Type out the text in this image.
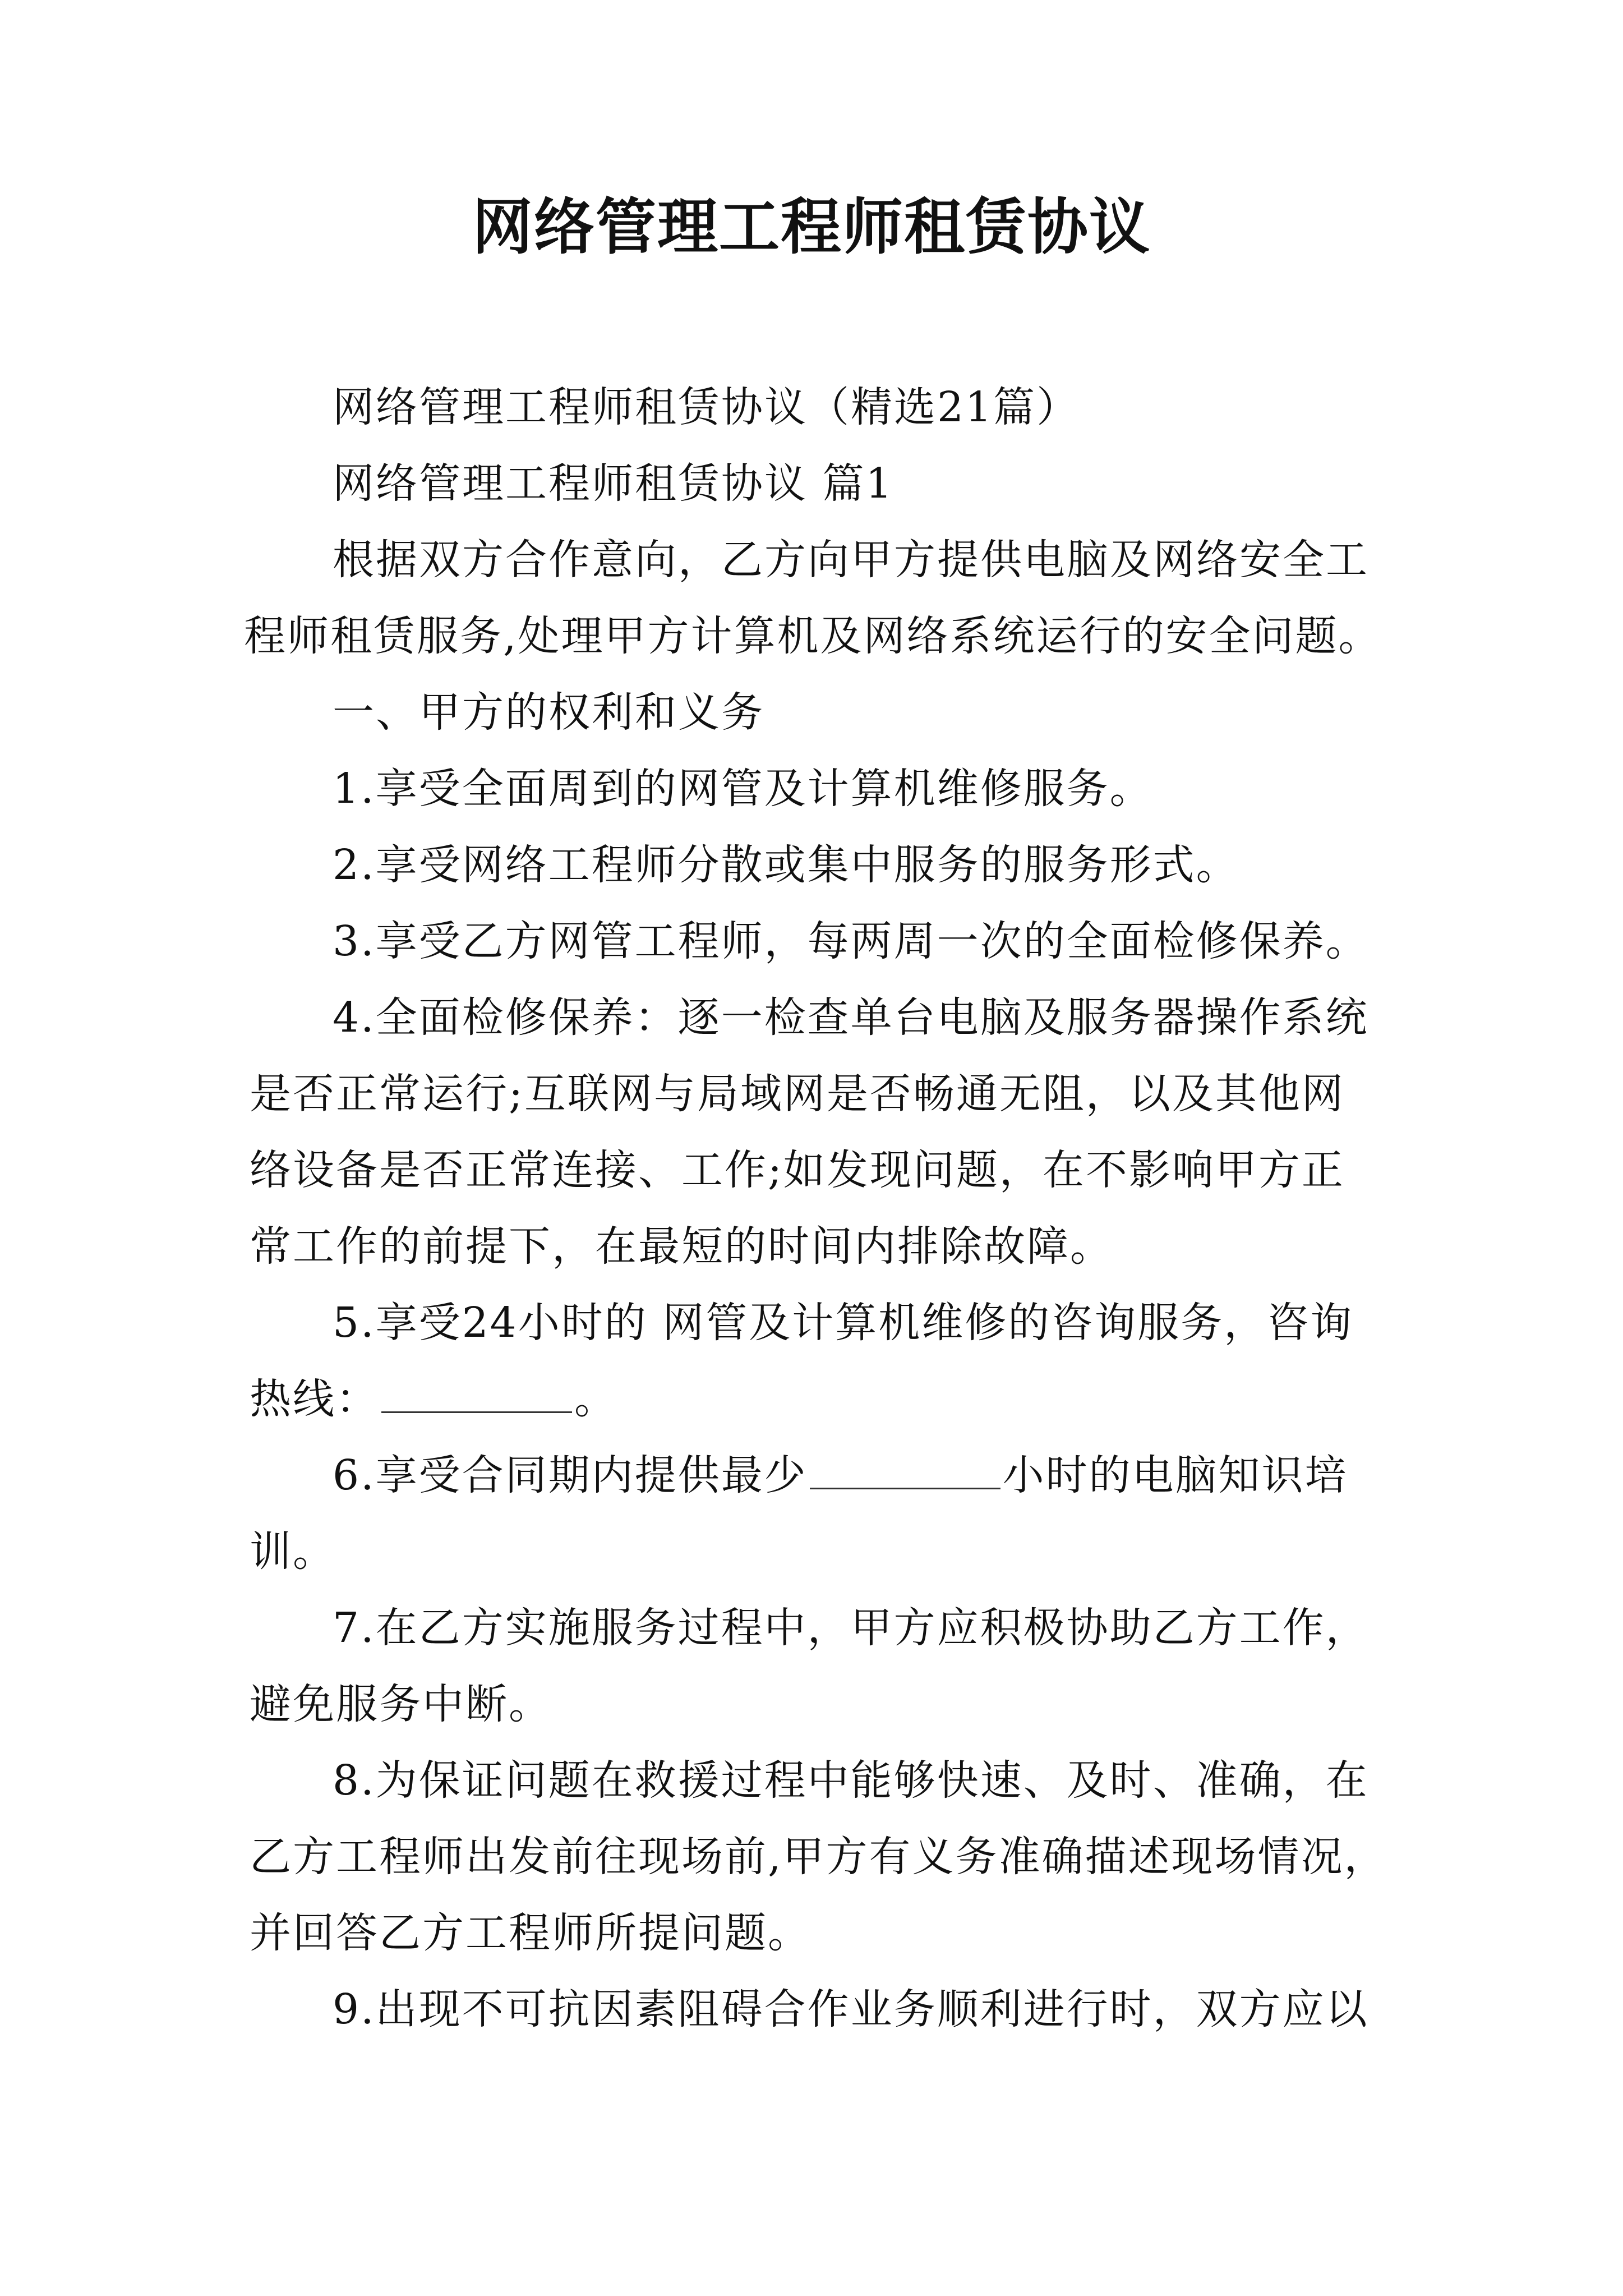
网络管理工程师租赁协议

网络管理工程师租赁协议（精选21篇）

网络管理工程师租赁协议 篇1

根据双方合作意向，乙方向甲方提供电脑及网络安全工
程师租赁服务,处理甲方计算机及网络系统运行的安全问题。

一、甲方的权利和义务

1.享受全面周到的网管及计算机维修服务。

2.享受网络工程师分散或集中服务的服务形式。

3.享受乙方网管工程师，每两周一次的全面检修保养。

4.全面检修保养：逐一检查单台电脑及服务器操作系统
是否正常运行;互联网与局域网是否畅通无阻，以及其他网
络设备是否正常连接、工作;如发现问题，在不影响甲方正
常工作的前提下，在最短的时间内排除故障。

5.享受24小时的 网管及计算机维修的咨询服务，咨询
热线：	。

6.享受合同期内提供最少	小时的电脑知识培
训。

7.在乙方实施服务过程中，甲方应积极协助乙方工作，
避免服务中断。

8.为保证问题在救援过程中能够快速、及时、准确，在
乙方工程师出发前往现场前,甲方有义务准确描述现场情况，
并回答乙方工程师所提问题。

9.出现不可抗因素阻碍合作业务顺利进行时，双方应以
